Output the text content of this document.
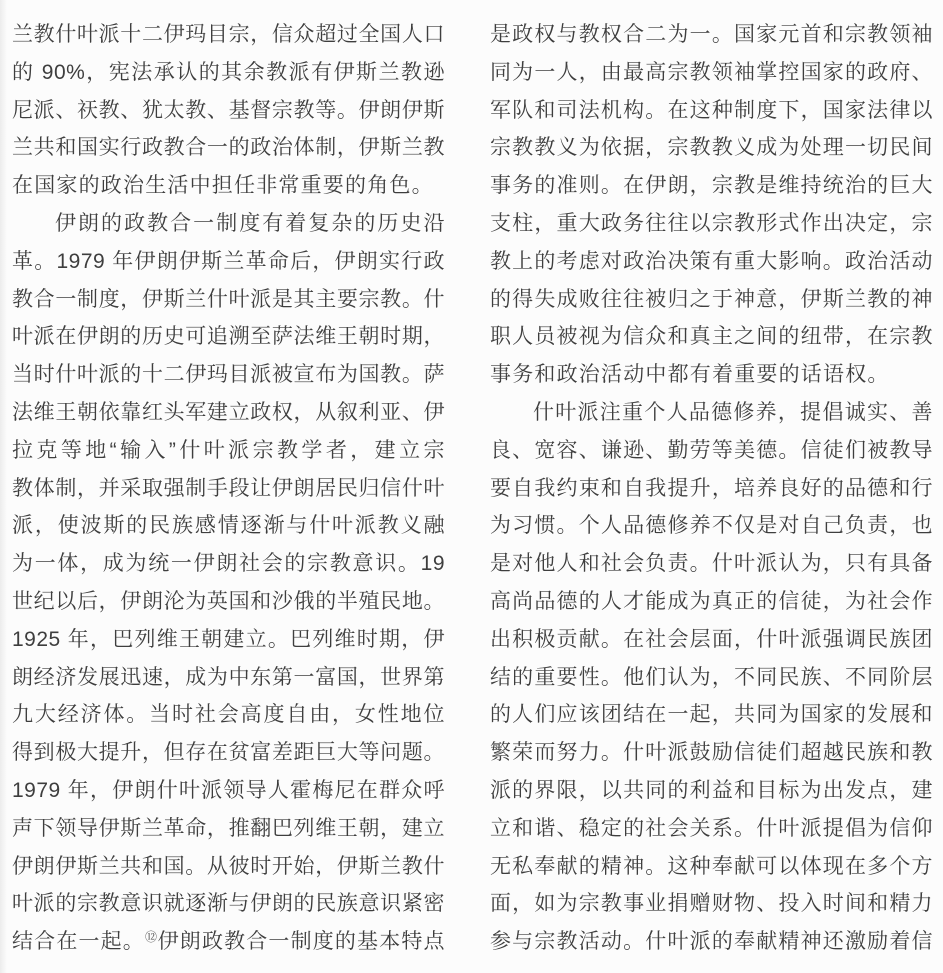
兰教什叶派十二伊玛目宗，信众超过全国人口
的 90%，宪法承认的其余教派有伊斯兰教逊
尼派、祆教、犹太教、基督宗教等。伊朗伊斯
兰共和国实行政教合一的政治体制，伊斯兰教
在国家的政治生活中担任非常重要的角色。
伊朗的政教合一制度有着复杂的历史沿
革。1979 年伊朗伊斯兰革命后，伊朗实行政
教合一制度，伊斯兰什叶派是其主要宗教。什
叶派在伊朗的历史可追溯至萨法维王朝时期，
当时什叶派的十二伊玛目派被宣布为国教。萨
法维王朝依靠红头军建立政权，从叙利亚、伊
拉克等地“输入”什叶派宗教学者，建立宗
教体制，并采取强制手段让伊朗居民归信什叶
派，使波斯的民族感情逐渐与什叶派教义融
为一体，成为统一伊朗社会的宗教意识。19
世纪以后，伊朗沦为英国和沙俄的半殖民地。
1925 年，巴列维王朝建立。巴列维时期，伊
朗经济发展迅速，成为中东第一富国，世界第
九大经济体。当时社会高度自由，女性地位
得到极大提升，但存在贫富差距巨大等问题。
1979 年，伊朗什叶派领导人霍梅尼在群众呼
声下领导伊斯兰革命，推翻巴列维王朝，建立
伊朗伊斯兰共和国。从彼时开始，伊斯兰教什
叶派的宗教意识就逐渐与伊朗的民族意识紧密
结合在一起。⑫伊朗政教合一制度的基本特点
是政权与教权合二为一。国家元首和宗教领袖
同为一人，由最高宗教领袖掌控国家的政府、
军队和司法机构。在这种制度下，国家法律以
宗教教义为依据，宗教教义成为处理一切民间
事务的准则。在伊朗，宗教是维持统治的巨大
支柱，重大政务往往以宗教形式作出决定，宗
教上的考虑对政治决策有重大影响。政治活动
的得失成败往往被归之于神意，伊斯兰教的神
职人员被视为信众和真主之间的纽带，在宗教
事务和政治活动中都有着重要的话语权。
什叶派注重个人品德修养，提倡诚实、善
良、宽容、谦逊、勤劳等美德。信徒们被教导
要自我约束和自我提升，培养良好的品德和行
为习惯。个人品德修养不仅是对自己负责，也
是对他人和社会负责。什叶派认为，只有具备
高尚品德的人才能成为真正的信徒，为社会作
出积极贡献。在社会层面，什叶派强调民族团
结的重要性。他们认为，不同民族、不同阶层
的人们应该团结在一起，共同为国家的发展和
繁荣而努力。什叶派鼓励信徒们超越民族和教
派的界限，以共同的利益和目标为出发点，建
立和谐、稳定的社会关系。什叶派提倡为信仰
无私奉献的精神。这种奉献可以体现在多个方
面，如为宗教事业捐赠财物、投入时间和精力
参与宗教活动。什叶派的奉献精神还激励着信
